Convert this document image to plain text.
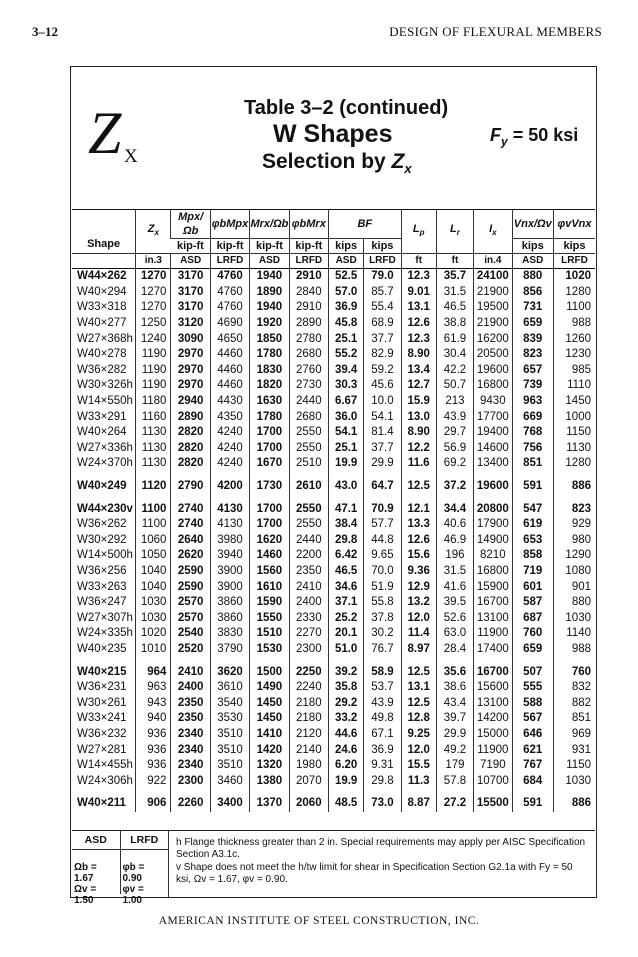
3–12	DESIGN OF FLEXURAL MEMBERS
Z X
Table 3–2 (continued)
W Shapes
Selection by $Z_x$
$F_y = 50$ ksi
Shape	$Z_x$	Mpx/Ωb	φbMpx	Mrx/Ωb	φbMrx	BF		$L_p$	$L_r$	$I_x$	Vnx/Ωv	φvVnx
		kip-ft	kip-ft	kip-ft	kip-ft	kips	kips				kips	kips
	in.3	ASD	LRFD	ASD	LRFD	ASD	LRFD	ft	ft	in.4	ASD	LRFD
W44×262	1270	3170	4760	1940	2910	52.5	79.0	12.3	35.7	24100	880	1020
W40×294	1270	3170	4760	1890	2840	57.0	85.7	9.01	31.5	21900	856	1280
W33×318	1270	3170	4760	1940	2910	36.9	55.4	13.1	46.5	19500	731	1100
W40×277	1250	3120	4690	1920	2890	45.8	68.9	12.6	38.8	21900	659	988
W27×368h	1240	3090	4650	1850	2780	25.1	37.7	12.3	61.9	16200	839	1260
W40×278	1190	2970	4460	1780	2680	55.2	82.9	8.90	30.4	20500	823	1230
W36×282	1190	2970	4460	1830	2760	39.4	59.2	13.4	42.2	19600	657	985
W30×326h	1190	2970	4460	1820	2730	30.3	45.6	12.7	50.7	16800	739	1110
W14×550h	1180	2940	4430	1630	2440	6.67	10.0	15.9	213	9430	963	1450
W33×291	1160	2890	4350	1780	2680	36.0	54.1	13.0	43.9	17700	669	1000
W40×264	1130	2820	4240	1700	2550	54.1	81.4	8.90	29.7	19400	768	1150
W27×336h	1130	2820	4240	1700	2550	25.1	37.7	12.2	56.9	14600	756	1130
W24×370h	1130	2820	4240	1670	2510	19.9	29.9	11.6	69.2	13400	851	1280

W40×249	1120	2790	4200	1730	2610	43.0	64.7	12.5	37.2	19600	591	886

W44×230v	1100	2740	4130	1700	2550	47.1	70.9	12.1	34.4	20800	547	823
W36×262	1100	2740	4130	1700	2550	38.4	57.7	13.3	40.6	17900	619	929
W30×292	1060	2640	3980	1620	2440	29.8	44.8	12.6	46.9	14900	653	980
W14×500h	1050	2620	3940	1460	2200	6.42	9.65	15.6	196	8210	858	1290
W36×256	1040	2590	3900	1560	2350	46.5	70.0	9.36	31.5	16800	719	1080
W33×263	1040	2590	3900	1610	2410	34.6	51.9	12.9	41.6	15900	601	901
W36×247	1030	2570	3860	1590	2400	37.1	55.8	13.2	39.5	16700	587	880
W27×307h	1030	2570	3860	1550	2330	25.2	37.8	12.0	52.6	13100	687	1030
W24×335h	1020	2540	3830	1510	2270	20.1	30.2	11.4	63.0	11900	760	1140
W40×235	1010	2520	3790	1530	2300	51.0	76.7	8.97	28.4	17400	659	988

W40×215	964	2410	3620	1500	2250	39.2	58.9	12.5	35.6	16700	507	760
W36×231	963	2400	3610	1490	2240	35.8	53.7	13.1	38.6	15600	555	832
W30×261	943	2350	3540	1450	2180	29.2	43.9	12.5	43.4	13100	588	882
W33×241	940	2350	3530	1450	2180	33.2	49.8	12.8	39.7	14200	567	851
W36×232	936	2340	3510	1410	2120	44.6	67.1	9.25	29.9	15000	646	969
W27×281	936	2340	3510	1420	2140	24.6	36.9	12.0	49.2	11900	621	931
W14×455h	936	2340	3510	1320	1980	6.20	9.31	15.5	179	7190	767	1150
W24×306h	922	2300	3460	1380	2070	19.9	29.8	11.3	57.8	10700	684	1030

W40×211	906	2260	3400	1370	2060	48.5	73.0	8.87	27.2	15500	591	886
ASD	LRFD
Ωb = 1.67
Ωv = 1.50
φb = 0.90
φv = 1.00

h Flange thickness greater than 2 in. Special requirements may apply per AISC Specification Section A3.1c.

v Shape does not meet the h/tw limit for shear in Specification Section G2.1a with Fy = 50 ksi, Ωv = 1.67, φv = 0.90.

AMERICAN INSTITUTE OF STEEL CONSTRUCTION, INC.
